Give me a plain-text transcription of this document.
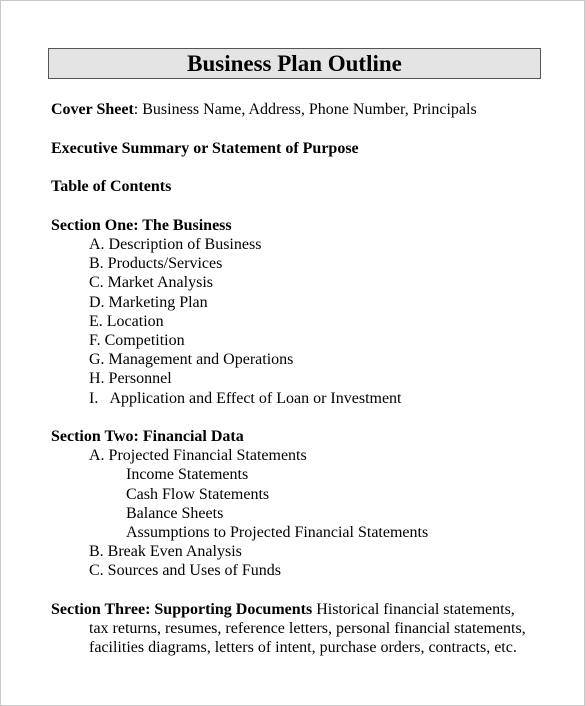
Business Plan Outline
Cover Sheet: Business Name, Address, Phone Number, Principals
Executive Summary or Statement of Purpose
Table of Contents
Section One: The Business
A. Description of Business
B. Products/Services
C. Market Analysis
D. Marketing Plan
E. Location
F. Competition
G. Management and Operations
H. Personnel
I.   Application and Effect of Loan or Investment
Section Two: Financial Data
A. Projected Financial Statements
Income Statements
Cash Flow Statements
Balance Sheets
Assumptions to Projected Financial Statements
B. Break Even Analysis
C. Sources and Uses of Funds
Section Three: Supporting Documents Historical financial statements,
tax returns, resumes, reference letters, personal financial statements,
facilities diagrams, letters of intent, purchase orders, contracts, etc.
